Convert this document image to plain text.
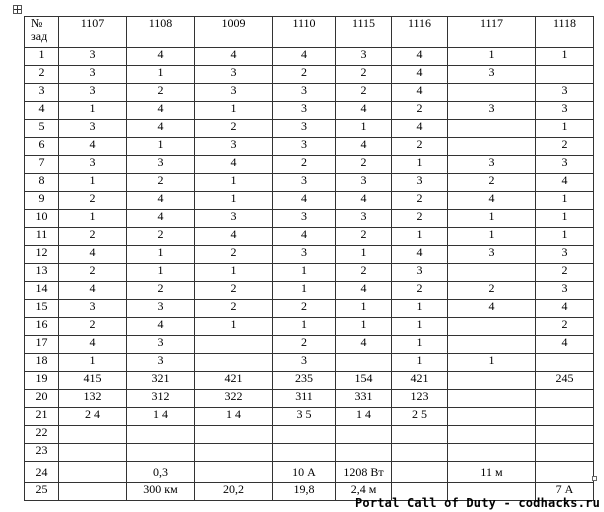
№ зад	1107	1108	1009	1110	1115	1116	1117	1118
1	3	4	4	4	3	4	1	1
2	3	1	3	2	2	4	3	
3	3	2	3	3	2	4		3
4	1	4	1	3	4	2	3	3
5	3	4	2	3	1	4		1
6	4	1	3	3	4	2		2
7	3	3	4	2	2	1	3	3
8	1	2	1	3	3	3	2	4
9	2	4	1	4	4	2	4	1
10	1	4	3	3	3	2	1	1
11	2	2	4	4	2	1	1	1
12	4	1	2	3	1	4	3	3
13	2	1	1	1	2	3		2
14	4	2	2	1	4	2	2	3
15	3	3	2	2	1	1	4	4
16	2	4	1	1	1	1		2
17	4	3		2	4	1		4
18	1	3		3		1	1	
19	415	321	421	235	154	421		245
20	132	312	322	311	331	123		
21	2 4	1 4	1 4	3 5	1 4	2 5		
22								
23								
24		0,3		10 А	1208 Вт		11 м	
25		300 км	20,2	19,8	2,4 м			7 А
Portal Call of Duty - codhacks.ru
